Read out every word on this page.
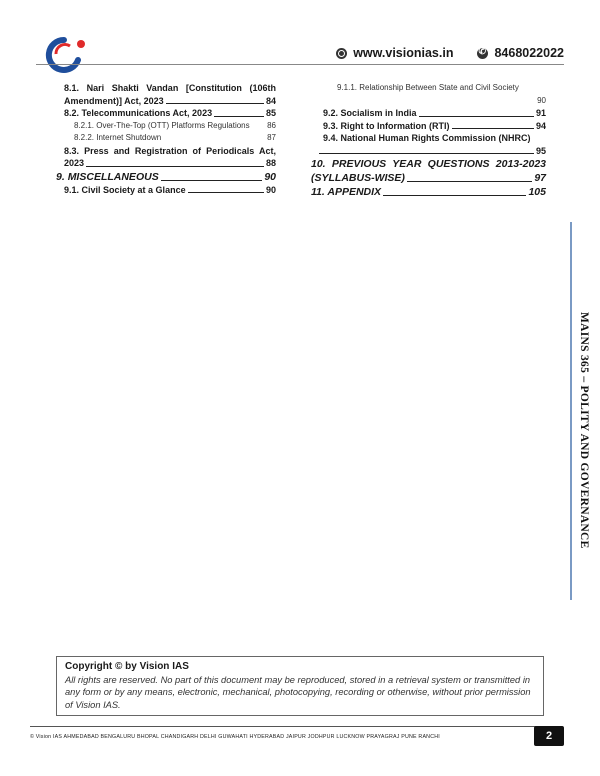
www.visionias.in ✆	8468022022
8.1. Nari Shakti Vandan [Constitution (106th Amendment)] Act, 2023	84
8.2. Telecommunications Act, 2023	85
8.2.1. Over-The-Top (OTT) Platforms Regulations 86
8.2.2. Internet Shutdown	87
8.3. Press and Registration of Periodicals Act, 2023	88
9. MISCELLANEOUS	90
9.1. Civil Society at a Glance	90
9.1.1. Relationship Between State and Civil Society
90
9.2. Socialism in India	91
9.3. Right to Information (RTI)	94
9.4. National Human Rights Commission (NHRC)
95
10. PREVIOUS YEAR QUESTIONS 2013-2023 (SYLLABUS-WISE)	97
11. APPENDIX	105
MAINS 365 – POLITY AND GOVERNANCE
Copyright © by Vision IAS
All rights are reserved. No part of this document may be reproduced, stored in a retrieval system or transmitted in any form or by any means, electronic, mechanical, photocopying, recording or otherwise, without prior permission of Vision IAS.
© Vision IAS AHMEDABAD BENGALURU BHOPAL CHANDIGARH DELHI GUWAHATI HYDERABAD JAIPUR JODHPUR LUCKNOW PRAYAGRAJ PUNE RANCHI	2
